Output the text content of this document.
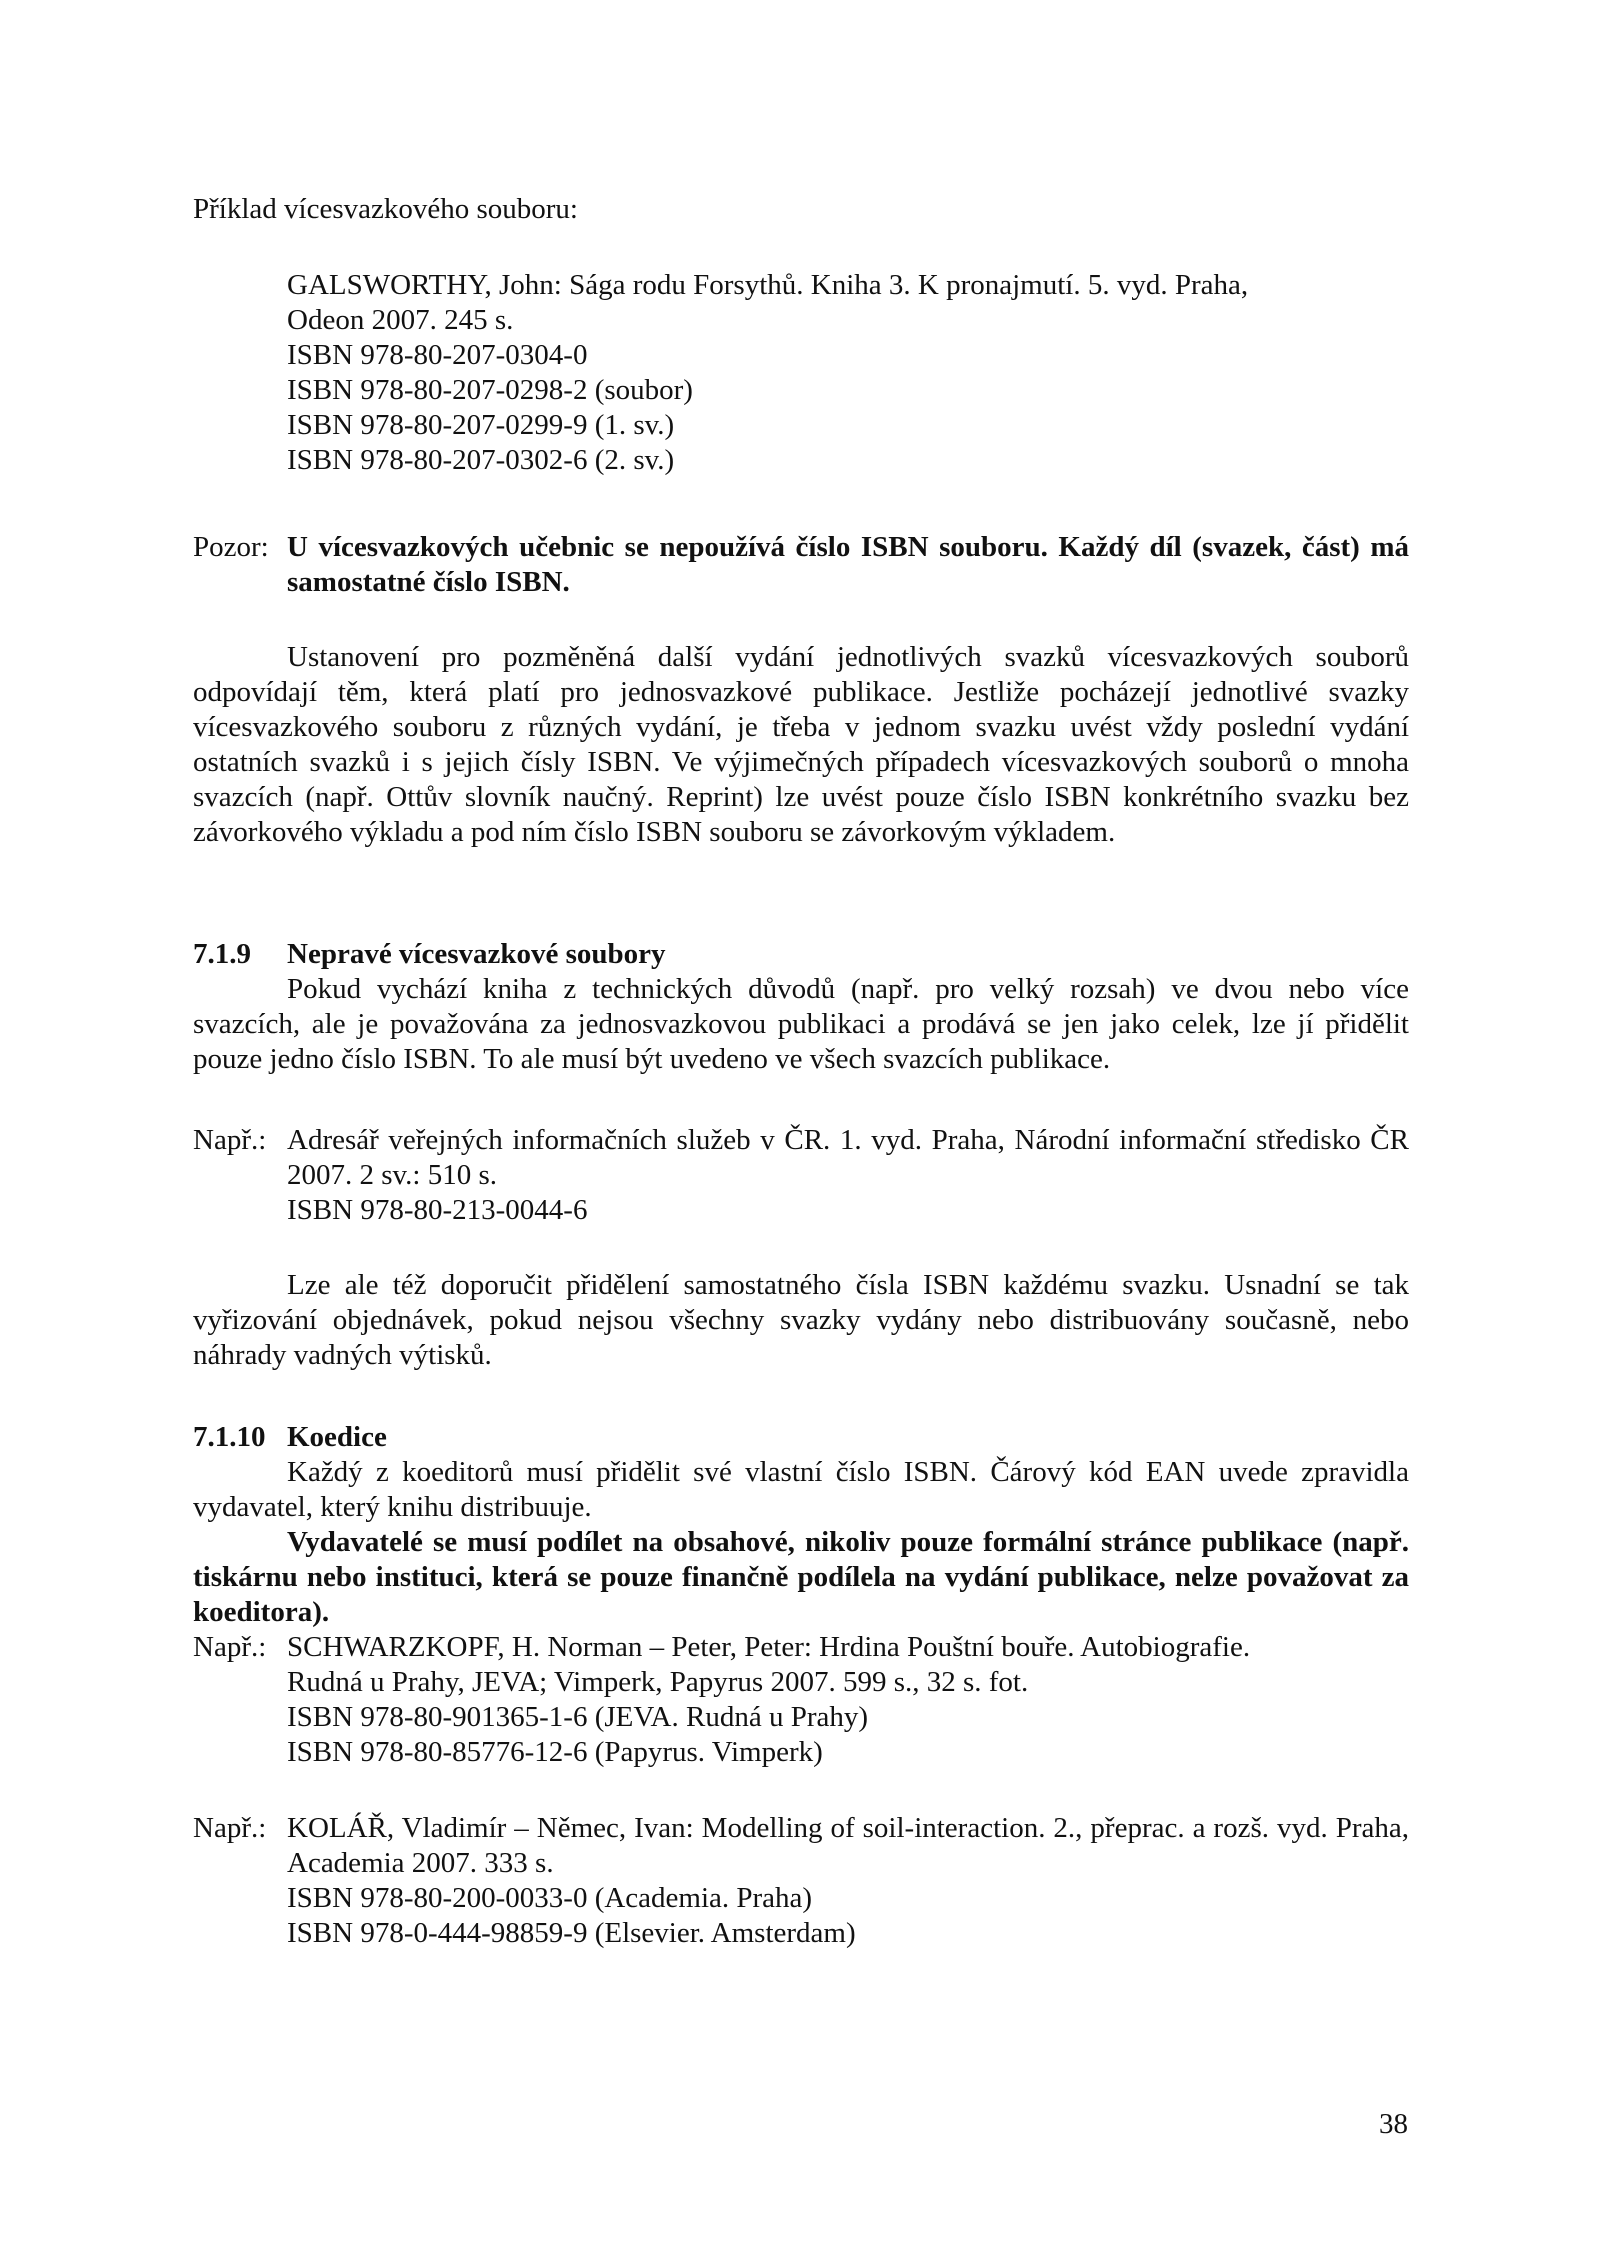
Příklad vícesvazkového souboru:
GALSWORTHY, John: Sága rodu Forsythů. Kniha 3. K pronajmutí. 5. vyd. Praha,
Odeon 2007. 245 s.
ISBN 978-80-207-0304-0
ISBN 978-80-207-0298-2 (soubor)
ISBN 978-80-207-0299-9 (1. sv.)
ISBN 978-80-207-0302-6 (2. sv.)
Pozor: U vícesvazkových učebnic se nepoužívá číslo ISBN souboru. Každý díl (svazek, část) má samostatné číslo ISBN.
Ustanovení pro pozměněná další vydání jednotlivých svazků vícesvazkových souborů odpovídají těm, která platí pro jednosvazkové publikace. Jestliže pocházejí jednotlivé svazky vícesvazkového souboru z různých vydání, je třeba v jednom svazku uvést vždy poslední vydání ostatních svazků i s jejich čísly ISBN. Ve výjimečných případech vícesvazkových souborů o mnoha svazcích (např. Ottův slovník naučný. Reprint) lze uvést pouze číslo ISBN konkrétního svazku bez závorkového výkladu a pod ním číslo ISBN souboru se závorkovým výkladem.
7.1.9 Nepravé vícesvazkové soubory
Pokud vychází kniha z technických důvodů (např. pro velký rozsah) ve dvou nebo více svazcích, ale je považována za jednosvazkovou publikaci a prodává se jen jako celek, lze jí přidělit pouze jedno číslo ISBN. To ale musí být uvedeno ve všech svazcích publikace.
Např.: Adresář veřejných informačních služeb v ČR. 1. vyd. Praha, Národní informační středisko ČR 2007. 2 sv.: 510 s.
ISBN 978-80-213-0044-6
Lze ale též doporučit přidělení samostatného čísla ISBN každému svazku. Usnadní se tak vyřizování objednávek, pokud nejsou všechny svazky vydány nebo distribuovány současně, nebo náhrady vadných výtisků.
7.1.10 Koedice
Každý z koeditorů musí přidělit své vlastní číslo ISBN. Čárový kód EAN uvede zpravidla vydavatel, který knihu distribuuje.
Vydavatelé se musí podílet na obsahové, nikoliv pouze formální stránce publikace (např. tiskárnu nebo instituci, která se pouze finančně podílela na vydání publikace, nelze považovat za koeditora).
Např.: SCHWARZKOPF, H. Norman – Peter, Peter: Hrdina Pouštní bouře. Autobiografie.
Rudná u Prahy, JEVA; Vimperk, Papyrus 2007. 599 s., 32 s. fot.
ISBN 978-80-901365-1-6 (JEVA. Rudná u Prahy)
ISBN 978-80-85776-12-6 (Papyrus. Vimperk)
Např.: KOLÁŘ, Vladimír – Němec, Ivan: Modelling of soil-interaction. 2., přeprac. a rozš. vyd. Praha, Academia 2007. 333 s.
ISBN 978-80-200-0033-0 (Academia. Praha)
ISBN 978-0-444-98859-9 (Elsevier. Amsterdam)
38
